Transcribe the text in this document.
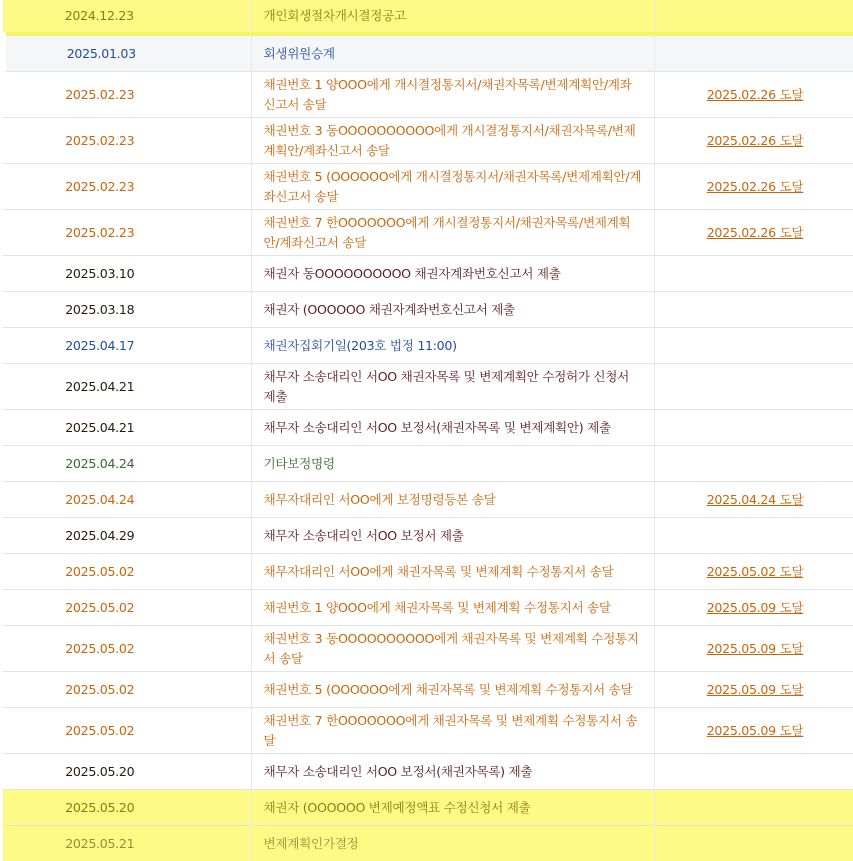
2024.12.23	개인회생절차개시결정공고	
2025.01.03	회생위원승계	
2025.02.23	채권번호 1 양OOO에게 개시결정통지서/채권자목록/변제계획안/계좌신고서 송달	2025.02.26 도달
2025.02.23	채권번호 3 동OOOOOOOOOO에게 개시결정통지서/채권자목록/변제계획안/계좌신고서 송달	2025.02.26 도달
2025.02.23	채권번호 5 (OOOOOO에게 개시결정통지서/채권자목록/변제계획안/계좌신고서 송달	2025.02.26 도달
2025.02.23	채권번호 7 한OOOOOOO에게 개시결정통지서/채권자목록/변제계획안/계좌신고서 송달	2025.02.26 도달
2025.03.10	채권자 동OOOOOOOOOO 채권자계좌번호신고서 제출	
2025.03.18	채권자 (OOOOOO 채권자계좌번호신고서 제출	
2025.04.17	채권자집회기일(203호 법정 11:00)	
2025.04.21	채무자 소송대리인 서OO 채권자목록 및 변제계획안 수정허가 신청서 제출	
2025.04.21	채무자 소송대리인 서OO 보정서(채권자목록 및 변제계획안) 제출	
2025.04.24	기타보정명령	
2025.04.24	채무자대리인 서OO에게 보정명령등본 송달	2025.04.24 도달
2025.04.29	채무자 소송대리인 서OO 보정서 제출	
2025.05.02	채무자대리인 서OO에게 채권자목록 및 변제계획 수정통지서 송달	2025.05.02 도달
2025.05.02	채권번호 1 양OOO에게 채권자목록 및 변제계획 수정통지서 송달	2025.05.09 도달
2025.05.02	채권번호 3 동OOOOOOOOOO에게 채권자목록 및 변제계획 수정통지서 송달	2025.05.09 도달
2025.05.02	채권번호 5 (OOOOOO에게 채권자목록 및 변제계획 수정통지서 송달	2025.05.09 도달
2025.05.02	채권번호 7 한OOOOOOO에게 채권자목록 및 변제계획 수정통지서 송달	2025.05.09 도달
2025.05.20	채무자 소송대리인 서OO 보정서(채권자목록) 제출	
2025.05.20	채권자 (OOOOOO 변제예정액표 수정신청서 제출	
2025.05.21	변제계획인가결정	
